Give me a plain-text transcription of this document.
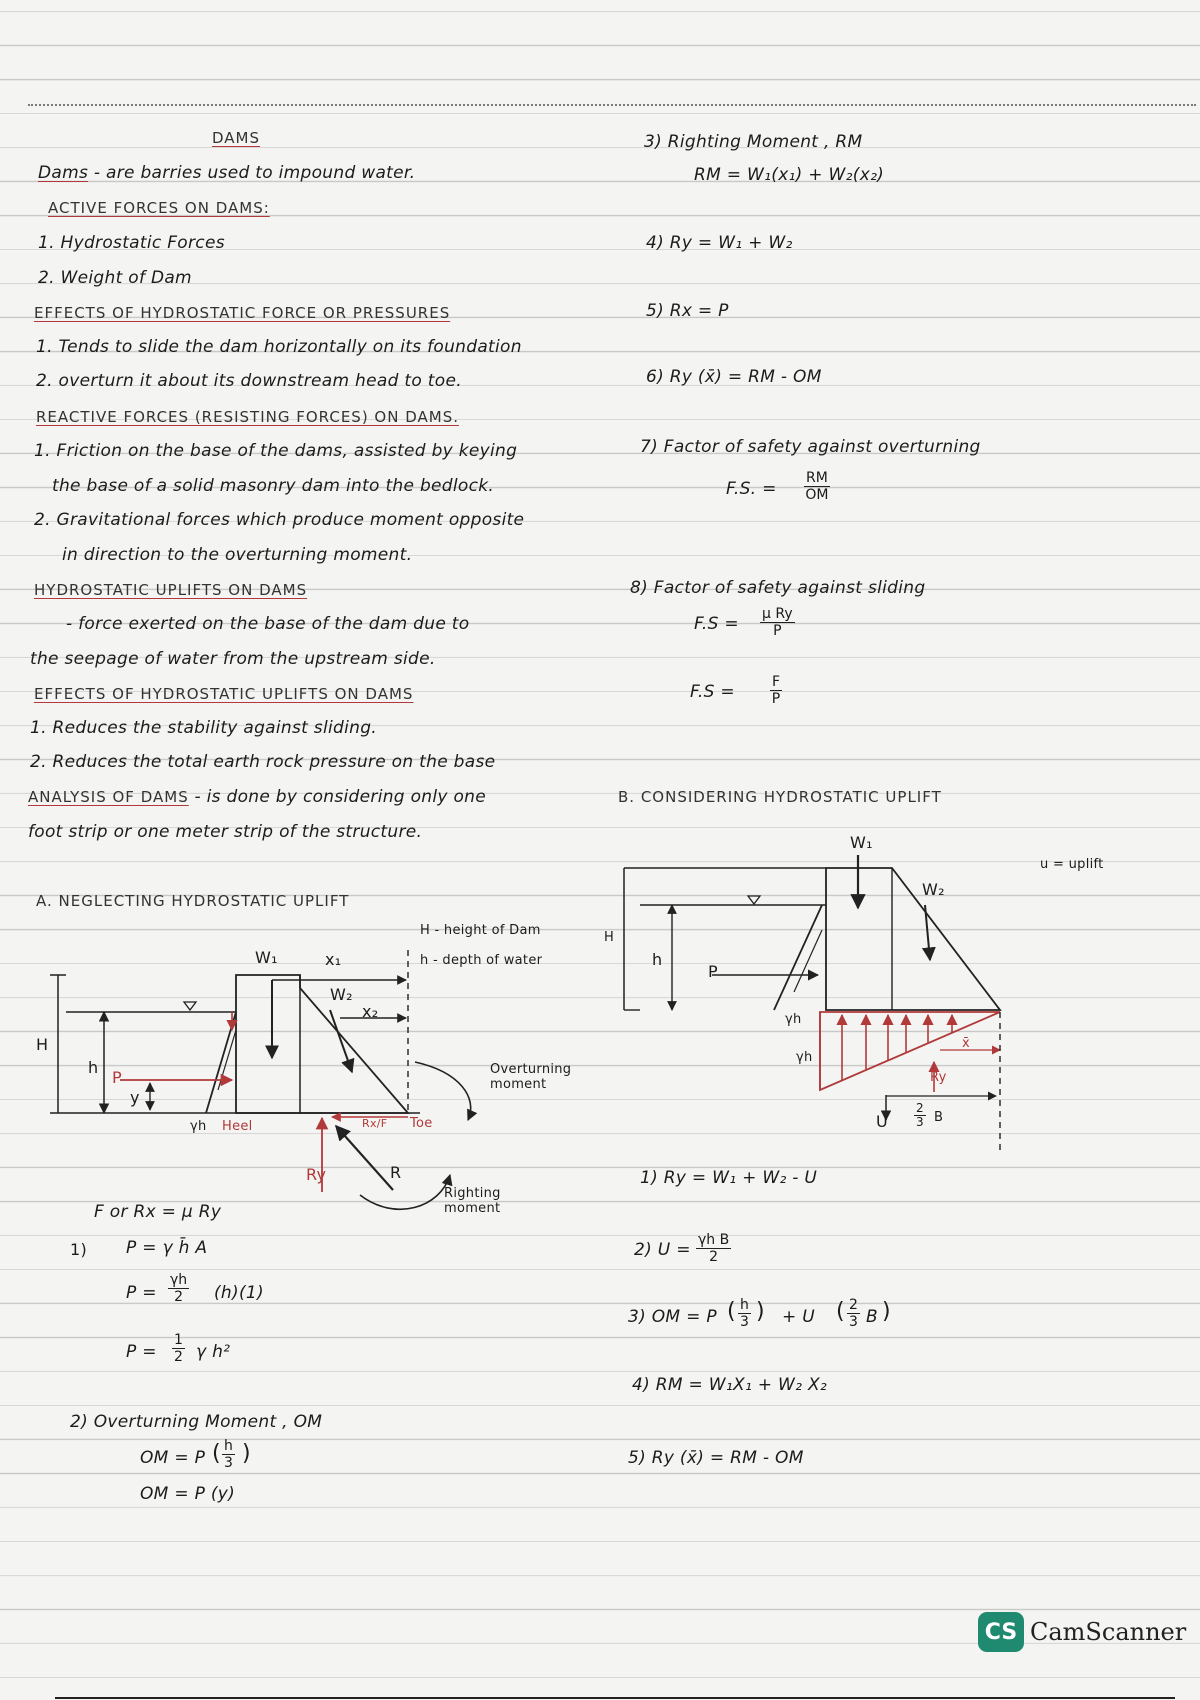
DAMS
Dams - are barries used to impound water.
ACTIVE FORCES ON DAMS:
1. Hydrostatic Forces
2. Weight of Dam
EFFECTS OF HYDROSTATIC FORCE OR PRESSURES
1. Tends to slide the dam horizontally on its foundation
2. overturn it about its downstream head to toe.
REACTIVE FORCES (RESISTING FORCES) ON DAMS.
1. Friction on the base of the dams, assisted by keying
the base of a solid masonry dam into the bedlock.
2. Gravitational forces which produce moment opposite
in direction to the overturning moment.
HYDROSTATIC UPLIFTS ON DAMS
- force exerted on the base of the dam due to
the seepage of water from the upstream side.
EFFECTS OF HYDROSTATIC UPLIFTS ON DAMS
1. Reduces the stability against sliding.
2. Reduces the total earth rock pressure on the base
ANALYSIS OF DAMS - is done by considering only one
foot strip or one meter strip of the structure.
A. NEGLECTING HYDROSTATIC UPLIFT
H - height of Dam
h - depth of water
W₁	x₁
W₂
x₂
H
h
P
y
γh Heel	Rx/F Toe
Overturning moment
Ry	R
Righting moment
F or Rx = μ Ry
1) P = γ h̄ A
$P = \frac{\gamma h}{2} (h)(1)$
$P = \frac{1}{2}$ γ h²
2) Overturning Moment , OM
OM = P ( $\frac{h}{3}$ )
OM = P (y)
3) Righting Moment , RM
RM = W₁(x₁) + W₂(x₂)
4) Ry = W₁ + W₂
5) Rx = P
6) Ry (x̄) = RM - OM
7) Factor of safety against overturning
F.S. = $\frac{RM}{OM}$
8) Factor of safety against sliding
$F.S = \frac{\text{μ Ry}}{P}$
F.S =	$\frac{F}{P}$
B. CONSIDERING HYDROSTATIC UPLIFT
u = uplift
W₁
W₂
H
h
P
γh
γh
x̄
Ry
U $\frac{2}{3}$ B
1) Ry = W₁ + W₂ - U
2) $U = \frac{\text{γh B}}{2}$
3) OM = P ( $\frac{h}{3}$ ) + U ( $\frac{2}{3}$ B )
4) RM = W₁X₁ + W₂ X₂
5) Ry (x̄) = RM - OM
CS CamScanner
